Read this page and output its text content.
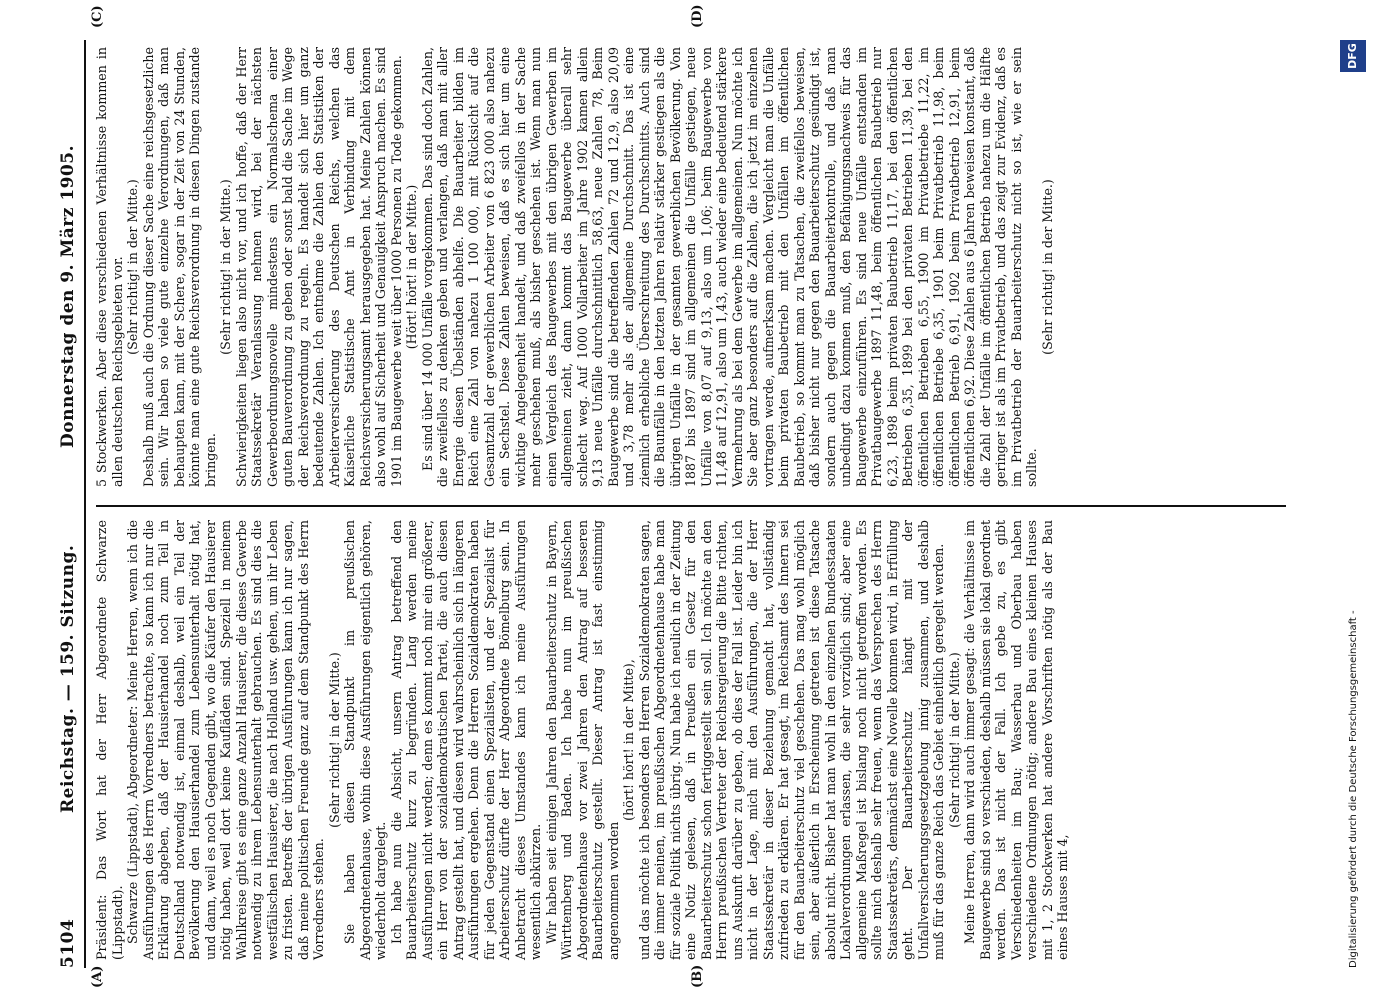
5104
Reichstag. — 159. Sitzung.
Donnerstag den 9. März 1905.
(A)	(B)
(C)	(D)

Präsident: Das Wort hat der Herr Abgeordnete Schwarze (Lippstadt). Schwarze (Lippstadt), Abgeordneter: Meine Herren, wenn ich die Ausführungen des Herrn Vorredners betrachte, so kann ich nur die Erklärung abgeben, daß der Hausierhandel noch zum Teil in Deutschland notwendig ist, einmal deshalb, weil ein Teil der Bevölkerung den Hausierhandel zum Lebensunterhalt nötig hat, und dann, weil es noch Gegenden gibt, wo die Käufer den Hausierer nötig haben, weil dort keine Kaufläden sind. Speziell in meinem Wahlkreise gibt es eine ganze Anzahl Hausierer, die dieses Gewerbe notwendig zu ihrem Lebensunterhalt gebrauchen. Es sind dies die westfälischen Hausierer, die nach Holland usw. gehen, um ihr Leben zu fristen. Betreffs der übrigen Ausführungen kann ich nur sagen, daß meine politischen Freunde ganz auf dem Standpunkt des Herrn Vorredners stehen.

(Sehr richtig! in der Mitte.) Sie haben diesen Standpunkt im preußischen Abgeordnetenhause, wohin diese Ausführungen eigentlich gehören, wiederholt dargelegt. Ich habe nun die Absicht, unsern Antrag betreffend den Bauarbeiterschutz kurz zu begründen. Lang werden meine Ausführungen nicht werden; denn es kommt noch mir ein größerer, ein Herr von der sozialdemokratischen Partei, die auch diesen Antrag gestellt hat, und diesen wird wahrscheinlich sich in längeren Ausführungen ergehen. Denn die Herren Sozialdemokraten haben für jeden Gegenstand einen Spezialisten, und der Spezialist für Arbeiterschutz dürfte der Herr Abgeordnete Bömelburg sein. In Anbetracht dieses Umstandes kann ich meine Ausführungen wesentlich abkürzen. Wir haben seit einigen Jahren den Bauarbeiterschutz in Bayern, Württemberg und Baden. Ich habe nun im preußischen Abgeordnetenhause vor zwei Jahren den Antrag auf besseren Bauarbeiterschutz gestellt. Dieser Antrag ist fast einstimmig angenommen worden

(hört! hört! in der Mitte), und das möchte ich besonders den Herren Sozialdemokraten sagen, die immer meinen, im preußischen Abgeordnetenhause habe man für soziale Politik nichts übrig. Nun habe ich neulich in der Zeitung eine Notiz gelesen, daß in Preußen ein Gesetz für den Bauarbeiterschutz schon fertiggestellt sein soll. Ich möchte an den Herrn preußischen Vertreter der Reichsregierung die Bitte richten, uns Auskunft darüber zu geben, ob dies der Fall ist. Leider bin ich nicht in der Lage, mich mit den Ausführungen, die der Herr Staatssekretär in dieser Beziehung gemacht hat, vollständig zufrieden zu erklären. Er hat gesagt, im Reichsamt des Innern sei für den Bauarbeiterschutz viel geschehen. Das mag wohl möglich sein, aber äußerlich in Erscheinung getreten ist diese Tatsache absolut nicht. Bisher hat man wohl in den einzelnen Bundesstaaten Lokalverordnungen erlassen, die sehr vorzüglich sind; aber eine allgemeine Maßregel ist bislang noch nicht getroffen worden. Es sollte mich deshalb sehr freuen, wenn das Versprechen des Herrn Staatssekretärs, demnächst eine Novelle kommen wird, in Erfüllung geht. Der Bauarbeiterschutz hängt mit der Unfallversicherungsgesetzgebung innig zusammen, und deshalb muß für das ganze Reich das Gebiet einheitlich geregelt werden. (Sehr richtig! in der Mitte.) Meine Herren, dann wird auch immer gesagt: die Verhältnisse im Baugewerbe sind so verschieden, deshalb müssen sie lokal geordnet werden. Das ist nicht der Fall. Ich gebe zu, es gibt Verschiedenheiten im Bau; Wasserbau und Oberbau haben verschiedene Ordnungen nötig; andere Bau eines kleinen Hauses mit 1, 2 Stockwerken hat andere Vorschriften nötig als der Bau eines Hauses mit 4,

5 Stockwerken. Aber diese verschiedenen Verhältnisse kommen in allen deutschen Reichsgebieten vor. (Sehr richtig! in der Mitte.) Deshalb muß auch die Ordnung dieser Sache eine reichsgesetzliche sein. Wir haben so viele gute einzelne Verordnungen, daß man behaupten kann, mit der Schere, sogar in der Zeit von 24 Stunden, könnte man eine gute Reichsverordnung in diesen Dingen zustande bringen.

(Sehr richtig! in der Mitte.) Schwierigkeiten liegen also nicht vor, und ich hoffe, daß der Herr Staatssekretär Veranlassung nehmen wird, bei der nächsten Gewerbeordnungsnovelle mindestens ein Normalschema einer guten Bauverordnung zu geben oder sonst bald die Sache im Wege der Reichsverordnung zu regeln. Es handelt sich hier um ganz bedeutende Zahlen. Ich entnehme die Zahlen den Statistiken der Arbeiterversicherung des Deutschen Reichs, welchen das Kaiserliche Statistische Amt in Verbindung mit dem Reichsversicherungsamt herausgegeben hat. Meine Zahlen können also wohl auf Sicherheit und Genauigkeit Anspruch machen. Es sind 1901 im Baugewerbe weit über 1000 Personen zu Tode gekommen. (Hört! hört! in der Mitte.) Es sind über 14 000 Unfälle vorgekommen. Das sind doch Zahlen, die zweifellos zu denken geben und verlangen, daß man mit aller Energie diesen Übelständen abhelfe. Die Bauarbeiter bilden im Reich eine Zahl von nahezu 1 100 000, mit Rücksicht auf die Gesamtzahl der gewerblichen Arbeiter von 6 823 000 also nahezu ein Sechstel. Diese Zahlen beweisen, daß es sich hier um eine wichtige Angelegenheit handelt, und daß zweifellos in der Sache mehr geschehen muß, als bisher geschehen ist. Wenn man nun einen Vergleich des Baugewerbes mit den übrigen Gewerben im allgemeinen zieht, dann kommt das Baugewerbe überall sehr schlecht weg. Auf 1000 Vollarbeiter im Jahre 1902 kamen allein 9,13 neue Unfälle durchschnittlich 58,63, neue Zahlen 78, Beim Baugewerbe sind die betreffenden Zahlen 72 und 12,9, also 20,09 und 3,78 mehr als der allgemeine Durchschnitt. Das ist eine ziemlich erhebliche Überschreitung des Durchschnitts. Auch sind die Baunfälle in den letzten Jahren relativ stärker gestiegen als die übrigen Unfälle in der gesamten gewerblichen Bevölkerung. Von 1887 bis 1897 sind im allgemeinen die Unfälle gestiegen, neue Unfälle von 8,07 auf 9,13, also um 1,06; beim Baugewerbe von 11,48 auf 12,91, also um 1,43, auch wieder eine bedeutend stärkere Vermehrung als bei dem Gewerbe im allgemeinen. Nun möchte ich Sie aber ganz besonders auf die Zahlen, die ich jetzt im einzelnen vortragen werde, aufmerksam machen. Vergleicht man die Unfälle beim privaten Baubetrieb mit den Unfällen im öffentlichen Baubetrieb, so kommt man zu Tatsachen, die zweifellos beweisen, daß bisher nicht nur gegen den Bauarbeiterschutz gesündigt ist, sondern auch gegen die Bauarbeiterkontrolle, und daß man unbedingt dazu kommen muß, den Befähigungsnachweis für das Baugewerbe einzuführen. Es sind neue Unfälle entstanden im Privatbaugewerbe 1897 11,48, beim öffentlichen Baubetrieb nur 6,23, 1898 beim privaten Baubetrieb 11,17, bei den öffentlichen Betrieben 6,35, 1899 bei den privaten Betrieben 11,39, bei den öffentlichen Betrieben 6,55, 1900 im Privatbetriebe 11,22, im öffentlichen Betriebe 6,35, 1901 beim Privatbetrieb 11,98, beim öffentlichen Betrieb 6,91, 1902 beim Privatbetrieb 12,91, beim öffentlichen 6,92. Diese Zahlen aus 6 Jahren beweisen konstant, daß die Zahl der Unfälle im öffentlichen Betrieb nahezu um die Hälfte geringer ist als im Privatbetrieb, und das zeigt zur Evidenz, daß es im Privatbetrieb der Bauarbeiterschutz nicht so ist, wie er sein sollte.

(Sehr richtig! in der Mitte.)

Digitalisierung gefördert durch die Deutsche Forschungsgemeinschaft -
DFG
